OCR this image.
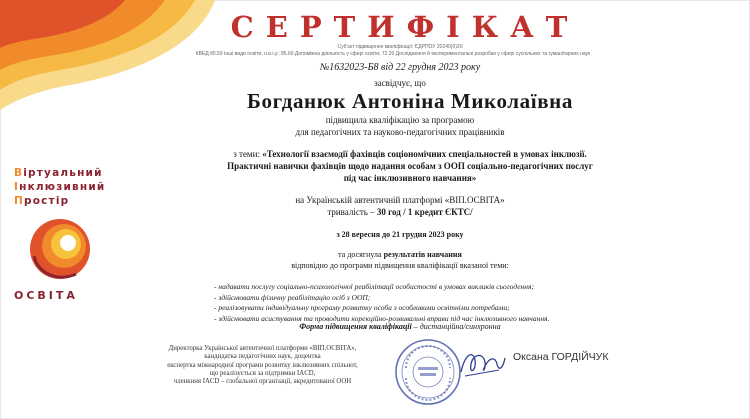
Віртуальний
Інклюзивний
Простір
ОСВІТА
СЕРТИФІКАТ
Суб'єкт підвищення кваліфікації: ЄДРПОУ 20240(0)20
КВЕД 85.59 Інші види освіти, н.в.і.у.; 85.60 Допоміжна діяльність у сфері освіти; 72.20 Дослідження й експериментальні розробки у сфері суспільних та гуманітарних наук
№1632023-Б8 від 22 грудня 2023 року
засвідчує, що
Богданюк Антоніна Миколаївна
підвищила кваліфікацію за програмою
для педагогічних та науково-педагогічних працівників
з теми: «Технології взаємодії фахівців соціономічних спеціальностей в умовах інклюзії.
Практичні навички фахівців щодо надання особам з ООП соціально-педагогічних послуг
під час інклюзивного навчання»
на Українській автентичній платформі «ВІП.ОСВІТА»
тривалість – 30 год / 1 кредит ЄКТС/
з 28 вересня до 21 грудня 2023 року
та досягнула результатів навчання
відповідно до програми підвищення кваліфікації вказаної теми:
- надавати послугу соціально-психологічної реабілітації особистості в умовах викликів сьогодення;
- здійснювати фізичну реабілітацію осіб з ООП;
- реалізовувати індивідуальну програму розвитку особи з особливими освітніми потребами;
- здійснювати асистування та проводити корекційно-розвивальні вправи під час інклюзивного навчання.
Форма підвищення кваліфікації – дистанційна/синхронна
Директорка Української автентичної платформи «ВІП.ОСВІТА»,
кандидатка педагогічних наук, доцентка
експертка міжнародної програми розвитку інклюзивних спільнот,
що реалізується за підтримки IACD,
членкиня IACD – глобальної організації, акредитованої ООН
Оксана ГОРДІЙЧУК
